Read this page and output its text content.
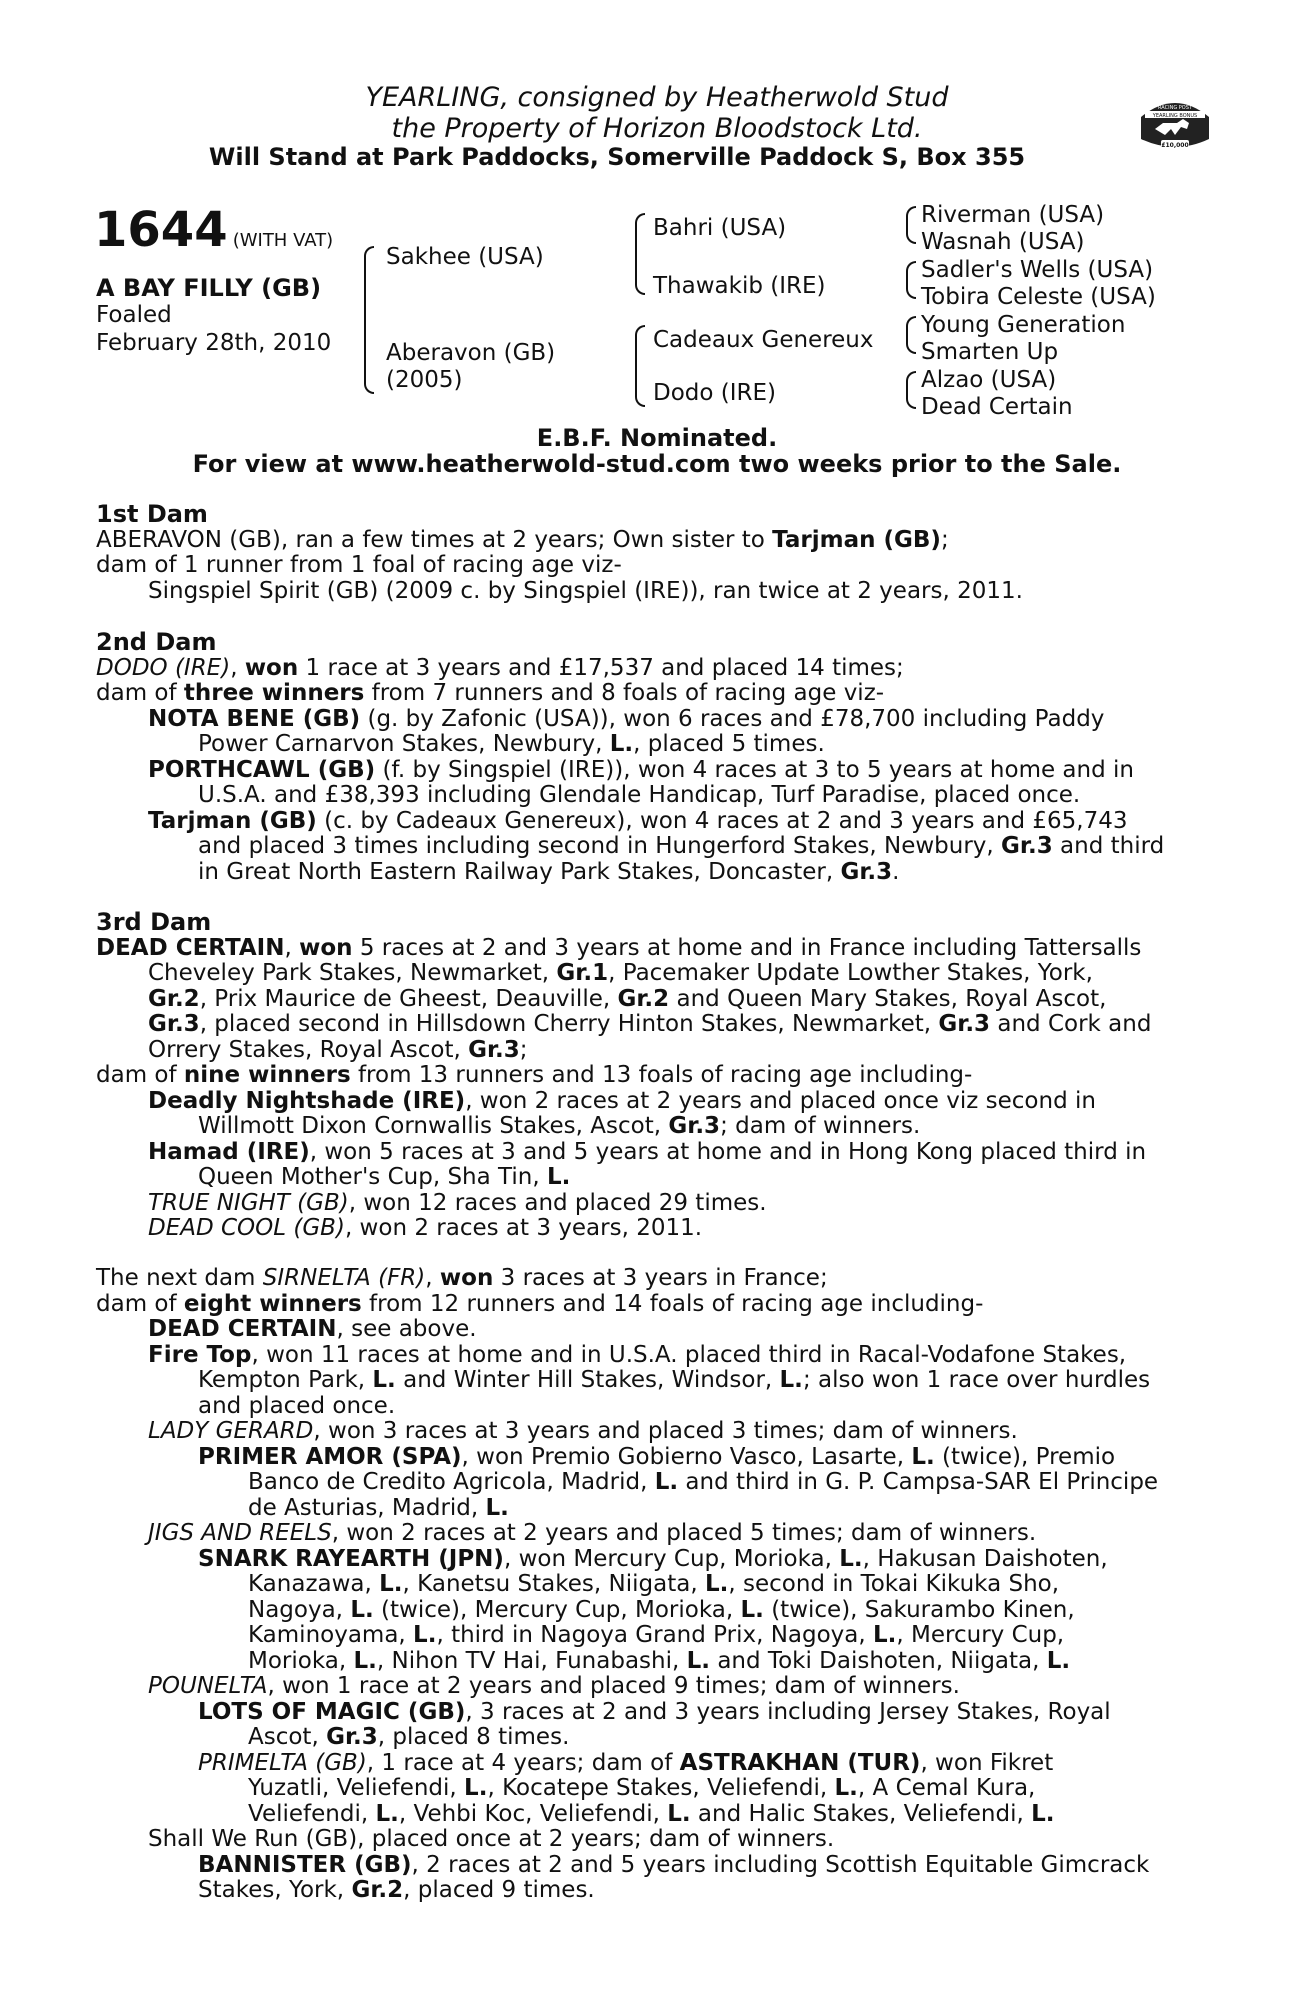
YEARLING, consigned by Heatherwold Stud
the Property of Horizon Bloodstock Ltd.
Will Stand at Park Paddocks, Somerville Paddock S, Box 355
RACING POST
YEARLING BONUS
£10,000
1644 (WITH VAT)
A BAY FILLY (GB)
Foaled
February 28th, 2010
Sakhee (USA)
Aberavon (GB)
(2005)
Bahri (USA)
Thawakib (IRE)
Cadeaux Genereux
Dodo (IRE)
Riverman (USA)
Wasnah (USA)
Sadler's Wells (USA)
Tobira Celeste (USA)
Young Generation
Smarten Up
Alzao (USA)
Dead Certain
E.B.F. Nominated.
For view at www.heatherwold-stud.com two weeks prior to the Sale.
1st Dam
ABERAVON (GB), ran a few times at 2 years; Own sister to Tarjman (GB);
dam of 1 runner from 1 foal of racing age viz-
Singspiel Spirit (GB) (2009 c. by Singspiel (IRE)), ran twice at 2 years, 2011.
2nd Dam
DODO (IRE), won 1 race at 3 years and £17,537 and placed 14 times;
dam of three winners from 7 runners and 8 foals of racing age viz-
NOTA BENE (GB) (g. by Zafonic (USA)), won 6 races and £78,700 including Paddy
Power Carnarvon Stakes, Newbury, L., placed 5 times.
PORTHCAWL (GB) (f. by Singspiel (IRE)), won 4 races at 3 to 5 years at home and in
U.S.A. and £38,393 including Glendale Handicap, Turf Paradise, placed once.
Tarjman (GB) (c. by Cadeaux Genereux), won 4 races at 2 and 3 years and £65,743
and placed 3 times including second in Hungerford Stakes, Newbury, Gr.3 and third
in Great North Eastern Railway Park Stakes, Doncaster, Gr.3.
3rd Dam
DEAD CERTAIN, won 5 races at 2 and 3 years at home and in France including Tattersalls
Cheveley Park Stakes, Newmarket, Gr.1, Pacemaker Update Lowther Stakes, York,
Gr.2, Prix Maurice de Gheest, Deauville, Gr.2 and Queen Mary Stakes, Royal Ascot,
Gr.3, placed second in Hillsdown Cherry Hinton Stakes, Newmarket, Gr.3 and Cork and
Orrery Stakes, Royal Ascot, Gr.3;
dam of nine winners from 13 runners and 13 foals of racing age including-
Deadly Nightshade (IRE), won 2 races at 2 years and placed once viz second in
Willmott Dixon Cornwallis Stakes, Ascot, Gr.3; dam of winners.
Hamad (IRE), won 5 races at 3 and 5 years at home and in Hong Kong placed third in
Queen Mother's Cup, Sha Tin, L.
TRUE NIGHT (GB), won 12 races and placed 29 times.
DEAD COOL (GB), won 2 races at 3 years, 2011.
The next dam SIRNELTA (FR), won 3 races at 3 years in France;
dam of eight winners from 12 runners and 14 foals of racing age including-
DEAD CERTAIN, see above.
Fire Top, won 11 races at home and in U.S.A. placed third in Racal-Vodafone Stakes,
Kempton Park, L. and Winter Hill Stakes, Windsor, L.; also won 1 race over hurdles
and placed once.
LADY GERARD, won 3 races at 3 years and placed 3 times; dam of winners.
PRIMER AMOR (SPA), won Premio Gobierno Vasco, Lasarte, L. (twice), Premio
Banco de Credito Agricola, Madrid, L. and third in G. P. Campsa-SAR El Principe
de Asturias, Madrid, L.
JIGS AND REELS, won 2 races at 2 years and placed 5 times; dam of winners.
SNARK RAYEARTH (JPN), won Mercury Cup, Morioka, L., Hakusan Daishoten,
Kanazawa, L., Kanetsu Stakes, Niigata, L., second in Tokai Kikuka Sho,
Nagoya, L. (twice), Mercury Cup, Morioka, L. (twice), Sakurambo Kinen,
Kaminoyama, L., third in Nagoya Grand Prix, Nagoya, L., Mercury Cup,
Morioka, L., Nihon TV Hai, Funabashi, L. and Toki Daishoten, Niigata, L.
POUNELTA, won 1 race at 2 years and placed 9 times; dam of winners.
LOTS OF MAGIC (GB), 3 races at 2 and 3 years including Jersey Stakes, Royal
Ascot, Gr.3, placed 8 times.
PRIMELTA (GB), 1 race at 4 years; dam of ASTRAKHAN (TUR), won Fikret
Yuzatli, Veliefendi, L., Kocatepe Stakes, Veliefendi, L., A Cemal Kura,
Veliefendi, L., Vehbi Koc, Veliefendi, L. and Halic Stakes, Veliefendi, L.
Shall We Run (GB), placed once at 2 years; dam of winners.
BANNISTER (GB), 2 races at 2 and 5 years including Scottish Equitable Gimcrack
Stakes, York, Gr.2, placed 9 times.
